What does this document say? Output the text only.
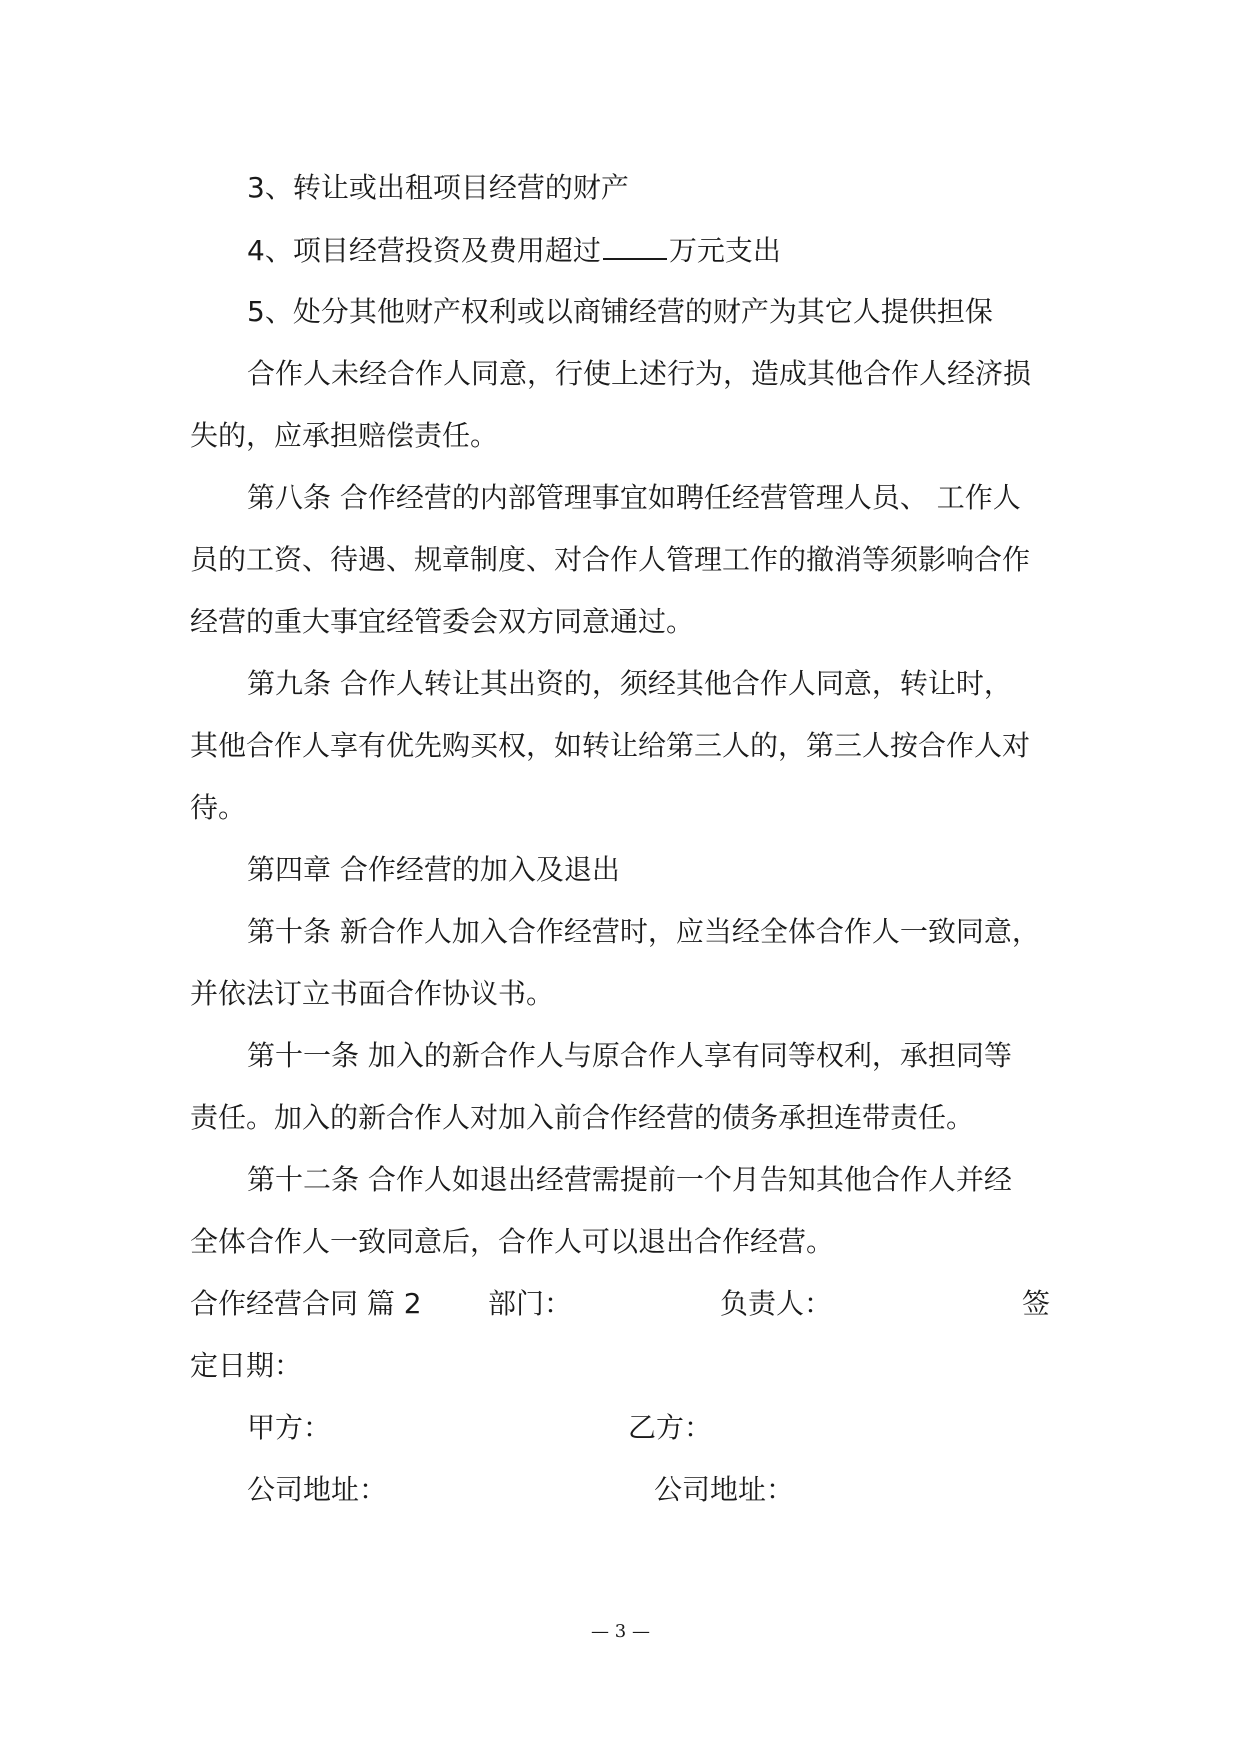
3、转让或出租项目经营的财产
4、项目经营投资及费用超过 万元支出
5、处分其他财产权利或以商铺经营的财产为其它人提供担保
合作人未经合作人同意，行使上述行为，造成其他合作人经济损
失的，应承担赔偿责任。
第八条 合作经营的内部管理事宜如聘任经营管理人员、 工作人
员的工资、待遇、规章制度、对合作人管理工作的撤消等须影响合作
经营的重大事宜经管委会双方同意通过。
第九条 合作人转让其出资的，须经其他合作人同意，转让时，
其他合作人享有优先购买权，如转让给第三人的，第三人按合作人对
待。
第四章 合作经营的加入及退出
第十条 新合作人加入合作经营时，应当经全体合作人一致同意，
并依法订立书面合作协议书。
第十一条 加入的新合作人与原合作人享有同等权利，承担同等
责任。加入的新合作人对加入前合作经营的债务承担连带责任。
第十二条 合作人如退出经营需提前一个月告知其他合作人并经
全体合作人一致同意后，合作人可以退出合作经营。
合作经营合同 篇 2 部门：	负责人：	签
定日期：
甲方：	乙方：
公司地址：	公司地址：
— 3 —
